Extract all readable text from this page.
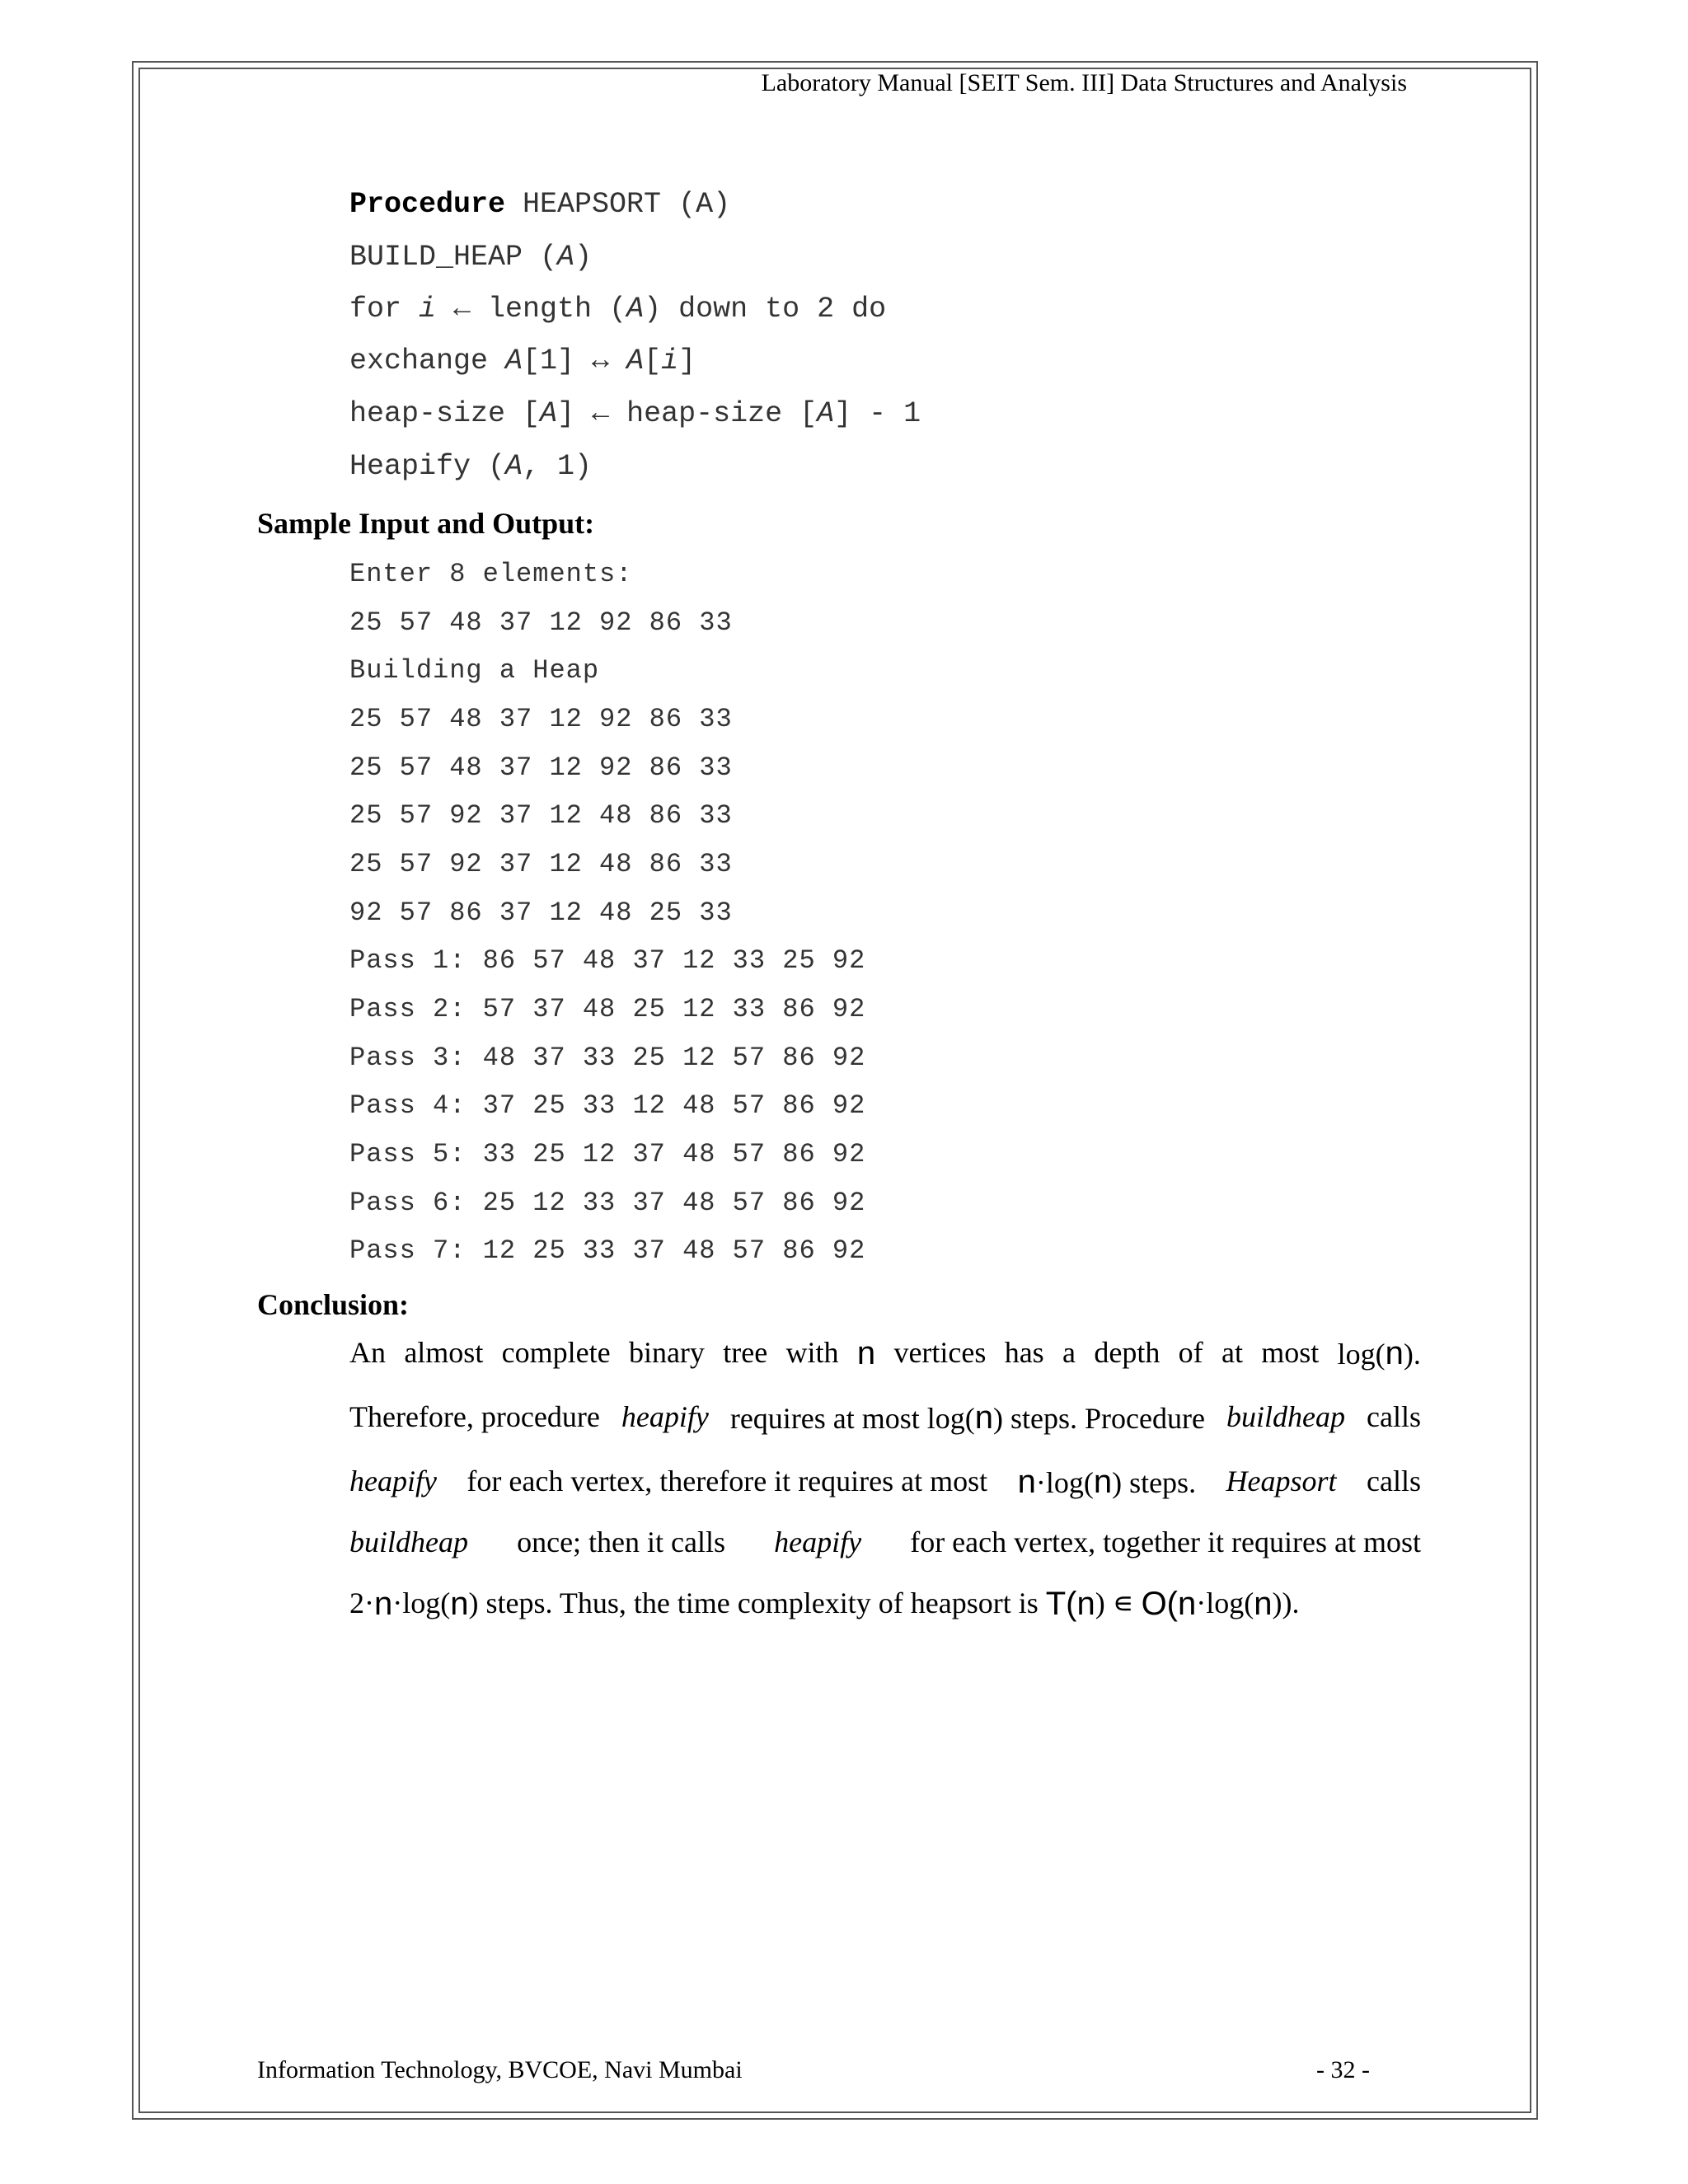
Laboratory Manual [SEIT Sem. III] Data Structures and Analysis
Procedure HEAPSORT (A)
BUILD_HEAP (A)
for i ← length (A) down to 2 do
exchange A[1] ↔ A[i]
heap-size [A] ← heap-size [A] - 1
Heapify (A, 1)
Sample Input and Output:
Enter 8 elements:
25 57 48 37 12 92 86 33
Building a Heap
25 57 48 37 12 92 86 33
25 57 48 37 12 92 86 33
25 57 92 37 12 48 86 33
25 57 92 37 12 48 86 33
92 57 86 37 12 48 25 33
Pass 1: 86 57 48 37 12 33 25 92
Pass 2: 57 37 48 25 12 33 86 92
Pass 3: 48 37 33 25 12 57 86 92
Pass 4: 37 25 33 12 48 57 86 92
Pass 5: 33 25 12 37 48 57 86 92
Pass 6: 25 12 33 37 48 57 86 92
Pass 7: 12 25 33 37 48 57 86 92
Conclusion:
An almost complete binary tree with n vertices has a depth of at most log(n).
Therefore, procedure heapify requires at most log(n) steps. Procedure buildheap calls
heapify for each vertex, therefore it requires at most n·log(n) steps. Heapsort calls
buildheap once; then it calls heapify for each vertex, together it requires at most
2· n ·log( n ) steps. Thus, the time complexity of heapsort is T( n ) ∊ O( n ·log( n )).
Information Technology, BVCOE, Navi Mumbai	- 32 -
